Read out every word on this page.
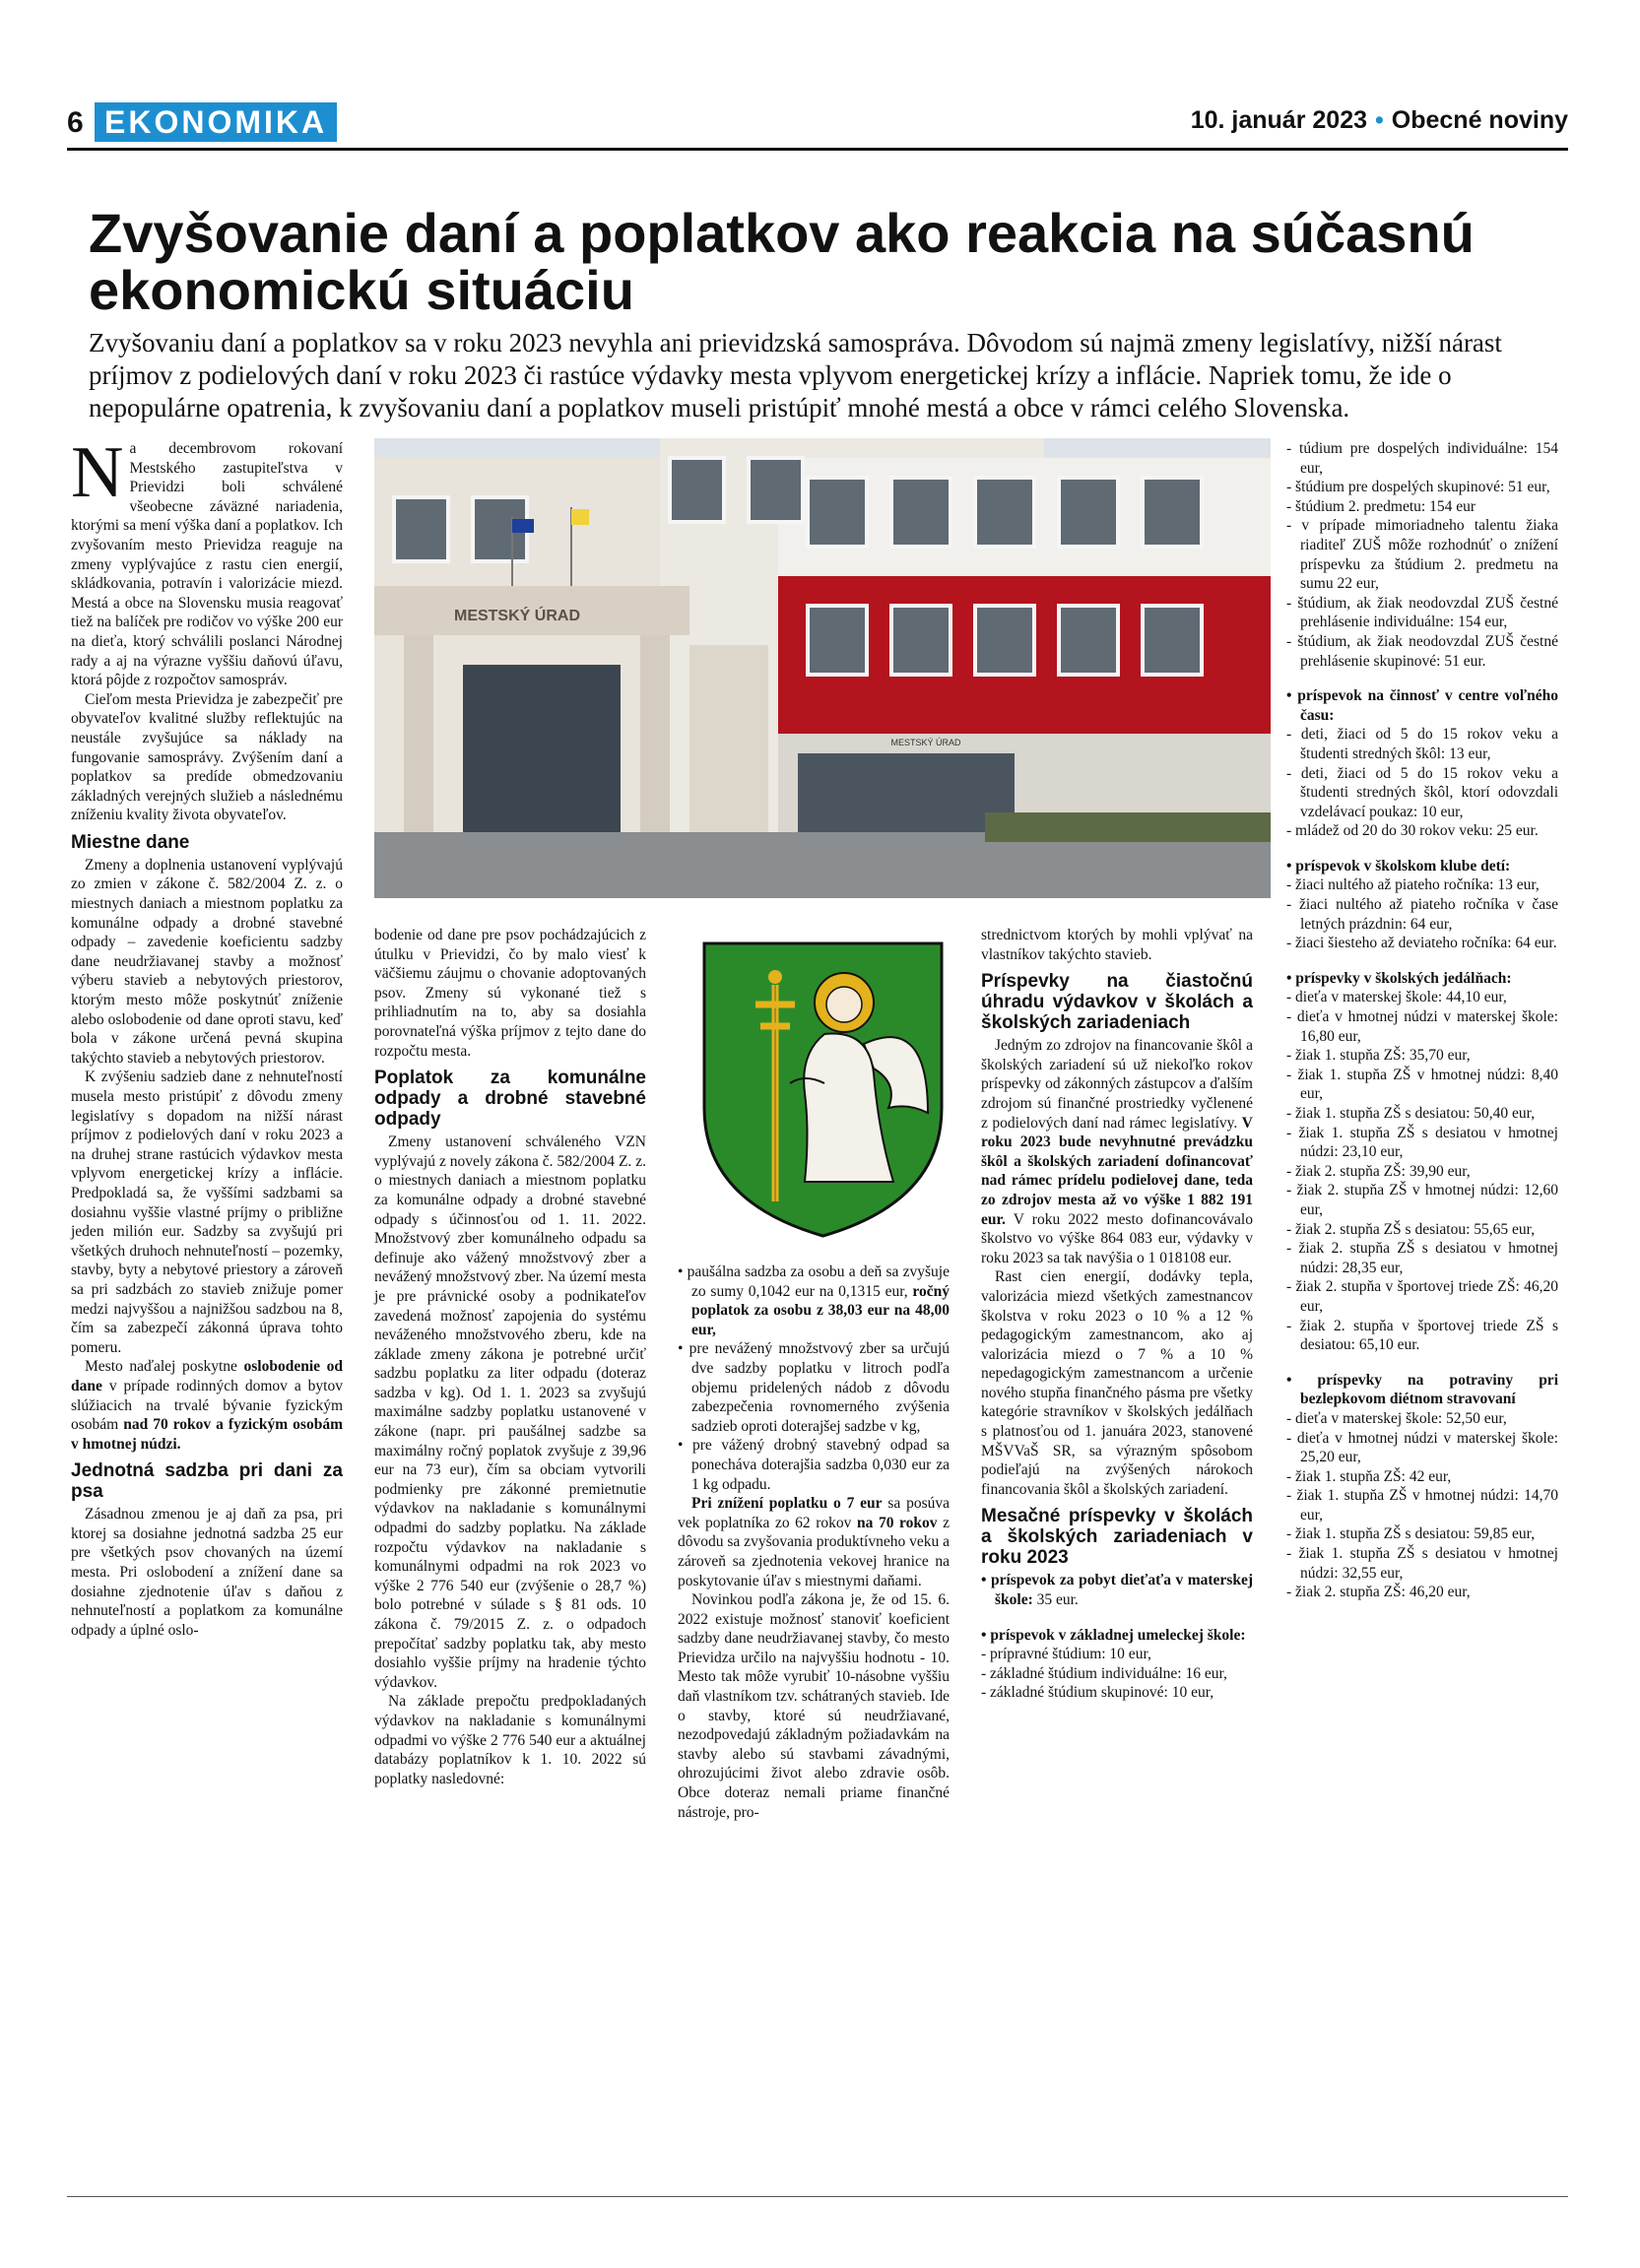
6 EKONOMIKA	10. január 2023 • Obecné noviny
Zvyšovanie daní a poplatkov ako reakcia na súčasnú ekonomickú situáciu

Zvyšovaniu daní a poplatkov sa v roku 2023 nevyhla ani prievidzská samospráva. Dôvodom sú najmä zmeny legislatívy, nižší nárast príjmov z podielových daní v roku 2023 či rastúce výdavky mesta vplyvom energetickej krízy a inflácie. Napriek tomu, že ide o nepopulárne opatrenia, k zvyšovaniu daní a poplatkov museli pristúpiť mnohé mestá a obce v rámci celého Slovenska.

MESTSKÝ ÚRAD
MESTSKÝ ÚRAD

Na decembrovom rokovaní Mestského zastupiteľstva v Prievidzi boli schválené všeobecne záväzné nariadenia, ktorými sa mení výška daní a poplatkov. Ich zvyšovaním mesto Prievidza reaguje na zmeny vyplývajúce z rastu cien energií, skládkovania, potravín i valorizácie miezd. Mestá a obce na Slovensku musia reagovať tiež na balíček pre rodičov vo výške 200 eur na dieťa, ktorý schválili poslanci Národnej rady a aj na výrazne vyššiu daňovú úľavu, ktorá pôjde z rozpočtov samospráv.

Cieľom mesta Prievidza je zabezpečiť pre obyvateľov kvalitné služby reflektujúc na neustále zvyšujúce sa náklady na fungovanie samosprávy. Zvýšením daní a poplatkov sa predíde obmedzovaniu základných verejných služieb a následnému zníženiu kvality života obyvateľov.

Miestne dane

Zmeny a doplnenia ustanovení vyplývajú zo zmien v zákone č. 582/2004 Z. z. o miestnych daniach a miestnom poplatku za komunálne odpady a drobné stavebné odpady – zavedenie koeficientu sadzby dane neudržiavanej stavby a možnosť výberu stavieb a nebytových priestorov, ktorým mesto môže poskytnúť zníženie alebo oslobodenie od dane oproti stavu, keď bola v zákone určená pevná skupina takýchto stavieb a nebytových priestorov.

K zvýšeniu sadzieb dane z nehnuteľností musela mesto pristúpiť z dôvodu zmeny legislatívy s dopadom na nižší nárast príjmov z podielových daní v roku 2023 a na druhej strane rastúcich výdavkov mesta vplyvom energetickej krízy a inflácie. Predpokladá sa, že vyššími sadzbami sa dosiahnu vyššie vlastné príjmy o približne jeden milión eur. Sadzby sa zvyšujú pri všetkých druhoch nehnuteľností – pozemky, stavby, byty a nebytové priestory a zároveň sa pri sadzbách zo stavieb znižuje pomer medzi najvyššou a najnižšou sadzbou na 8, čím sa zabezpečí zákonná úprava tohto pomeru.

Mesto naďalej poskytne oslobodenie od dane v prípade rodinných domov a bytov slúžiacich na trvalé bývanie fyzickým osobám nad 70 rokov a fyzickým osobám v hmotnej núdzi.

Jednotná sadzba pri dani za psa

Zásadnou zmenou je aj daň za psa, pri ktorej sa dosiahne jednotná sadzba 25 eur pre všetkých psov chovaných na území mesta. Pri oslobodení a znížení dane sa dosiahne zjednotenie úľav s daňou z nehnuteľností a poplatkom za komunálne odpady a úplné oslo-

bodenie od dane pre psov pochádzajúcich z útulku v Prievidzi, čo by malo viesť k väčšiemu záujmu o chovanie adoptovaných psov. Zmeny sú vykonané tiež s prihliadnutím na to, aby sa dosiahla porovnateľná výška príjmov z tejto dane do rozpočtu mesta.

Poplatok za komunálne odpady a drobné stavebné odpady

Zmeny ustanovení schváleného VZN vyplývajú z novely zákona č. 582/2004 Z. z. o miestnych daniach a miestnom poplatku za komunálne odpady a drobné stavebné odpady s účinnosťou od 1. 11. 2022. Množstvový zber komunálneho odpadu sa definuje ako vážený množstvový zber a nevážený množstvový zber. Na území mesta je pre právnické osoby a podnikateľov zavedená možnosť zapojenia do systému neváženého množstvového zberu, kde na základe zmeny zákona je potrebné určiť sadzbu poplatku za liter odpadu (doteraz sadzba v kg). Od 1. 1. 2023 sa zvyšujú maximálne sadzby poplatku ustanovené v zákone (napr. pri paušálnej sadzbe sa maximálny ročný poplatok zvyšuje z 39,96 eur na 73 eur), čím sa obciam vytvorili podmienky pre zákonné premietnutie výdavkov na nakladanie s komunálnymi odpadmi do sadzby poplatku. Na základe rozpočtu výdavkov na nakladanie s komunálnymi odpadmi na rok 2023 vo výške 2 776 540 eur (zvýšenie o 28,7 %) bolo potrebné v súlade s § 81 ods. 10 zákona č. 79/2015 Z. z. o odpadoch prepočítať sadzby poplatku tak, aby mesto dosiahlo vyššie príjmy na hradenie týchto výdavkov.

Na základe prepočtu predpokladaných výdavkov na nakladanie s komunálnymi odpadmi vo výške 2 776 540 eur a aktuálnej databázy poplatníkov k 1. 10. 2022 sú poplatky nasledovné:

• paušálna sadzba za osobu a deň sa zvyšuje zo sumy 0,1042 eur na 0,1315 eur, ročný poplatok za osobu z 38,03 eur na 48,00 eur,
• pre nevážený množstvový zber sa určujú dve sadzby poplatku v litroch podľa objemu pridelených nádob z dôvodu zabezpečenia rovnomerného zvýšenia sadzieb oproti doterajšej sadzbe v kg,
• pre vážený drobný stavebný odpad sa ponecháva doterajšia sadzba 0,030 eur za 1 kg odpadu.

Pri znížení poplatku o 7 eur sa posúva vek poplatníka zo 62 rokov na 70 rokov z dôvodu sa zvyšovania produktívneho veku a zároveň sa zjednotenia vekovej hranice na poskytovanie úľav s miestnymi daňami.

Novinkou podľa zákona je, že od 15. 6. 2022 existuje možnosť stanoviť koeficient sadzby dane neudržiavanej stavby, čo mesto Prievidza určilo na najvyššiu hodnotu - 10. Mesto tak môže vyrubiť 10-násobne vyššiu daň vlastníkom tzv. schátraných stavieb. Ide o stavby, ktoré sú neudržiavané, nezodpovedajú základným požiadavkám na stavby alebo sú stavbami závadnými, ohrozujúcimi život alebo zdravie osôb. Obce doteraz nemali priame finančné nástroje, pro-

strednictvom ktorých by mohli vplývať na vlastníkov takýchto stavieb.

Príspevky na čiastočnú úhradu výdavkov v školách a školských zariadeniach

Jedným zo zdrojov na financovanie škôl a školských zariadení sú už niekoľko rokov príspevky od zákonných zástupcov a ďalším zdrojom sú finančné prostriedky vyčlenené z podielových daní nad rámec legislatívy. V roku 2023 bude nevyhnutné prevádzku škôl a školských zariadení dofinancovať nad rámec prídelu podielovej dane, teda zo zdrojov mesta až vo výške 1 882 191 eur. V roku 2022 mesto dofinancovávalo školstvo vo výške 864 083 eur, výdavky v roku 2023 sa tak navýšia o 1 018108 eur.

Rast cien energií, dodávky tepla, valorizácia miezd všetkých zamestnancov školstva v roku 2023 o 10 % a 12 % pedagogickým zamestnancom, ako aj valorizácia miezd o 7 % a 10 % nepedagogickým zamestnancom a určenie nového stupňa finančného pásma pre všetky kategórie stravníkov v školských jedálňach s platnosťou od 1. januára 2023, stanovené MŠVVaŠ SR, sa výrazným spôsobom podieľajú na zvýšených nárokoch financovania škôl a školských zariadení.

Mesačné príspevky v školách a školských zariadeniach v roku 2023
• príspevok za pobyt dieťaťa v materskej škole: 35 eur.
• príspevok v základnej umeleckej škole:
- prípravné štúdium: 10 eur,
- základné štúdium individuálne: 16 eur,
- základné štúdium skupinové: 10 eur,
- túdium pre dospelých individuálne: 154 eur,
- štúdium pre dospelých skupinové: 51 eur,
- štúdium 2. predmetu: 154 eur
- v prípade mimoriadneho talentu žiaka riaditeľ ZUŠ môže rozhodnúť o znížení príspevku za štúdium 2. predmetu na sumu 22 eur,
- štúdium, ak žiak neodovzdal ZUŠ čestné prehlásenie individuálne: 154 eur,
- štúdium, ak žiak neodovzdal ZUŠ čestné prehlásenie skupinové: 51 eur.
• príspevok na činnosť v centre voľného času:
- deti, žiaci od 5 do 15 rokov veku a študenti stredných škôl: 13 eur,
- deti, žiaci od 5 do 15 rokov veku a študenti stredných škôl, ktorí odovzdali vzdelávací poukaz: 10 eur,
- mládež od 20 do 30 rokov veku: 25 eur.
• príspevok v školskom klube detí:
- žiaci nultého až piateho ročníka: 13 eur,
- žiaci nultého až piateho ročníka v čase letných prázdnin: 64 eur,
- žiaci šiesteho až deviateho ročníka: 64 eur.
• príspevky v školských jedálňach:
- dieťa v materskej škole: 44,10 eur,
- dieťa v hmotnej núdzi v materskej škole: 16,80 eur,
- žiak 1. stupňa ZŠ: 35,70 eur,
- žiak 1. stupňa ZŠ v hmotnej núdzi: 8,40 eur,
- žiak 1. stupňa ZŠ s desiatou: 50,40 eur,
- žiak 1. stupňa ZŠ s desiatou v hmotnej núdzi: 23,10 eur,
- žiak 2. stupňa ZŠ: 39,90 eur,
- žiak 2. stupňa ZŠ v hmotnej núdzi: 12,60 eur,
- žiak 2. stupňa ZŠ s desiatou: 55,65 eur,
- žiak 2. stupňa ZŠ s desiatou v hmotnej núdzi: 28,35 eur,
- žiak 2. stupňa v športovej triede ZŠ: 46,20 eur,
- žiak 2. stupňa v športovej triede ZŠ s desiatou: 65,10 eur.
• príspevky na potraviny pri bezlepkovom diétnom stravovaní
- dieťa v materskej škole: 52,50 eur,
- dieťa v hmotnej núdzi v materskej škole: 25,20 eur,
- žiak 1. stupňa ZŠ: 42 eur,
- žiak 1. stupňa ZŠ v hmotnej núdzi: 14,70 eur,
- žiak 1. stupňa ZŠ s desiatou: 59,85 eur,
- žiak 1. stupňa ZŠ s desiatou v hmotnej núdzi: 32,55 eur,
- žiak 2. stupňa ZŠ: 46,20 eur,
